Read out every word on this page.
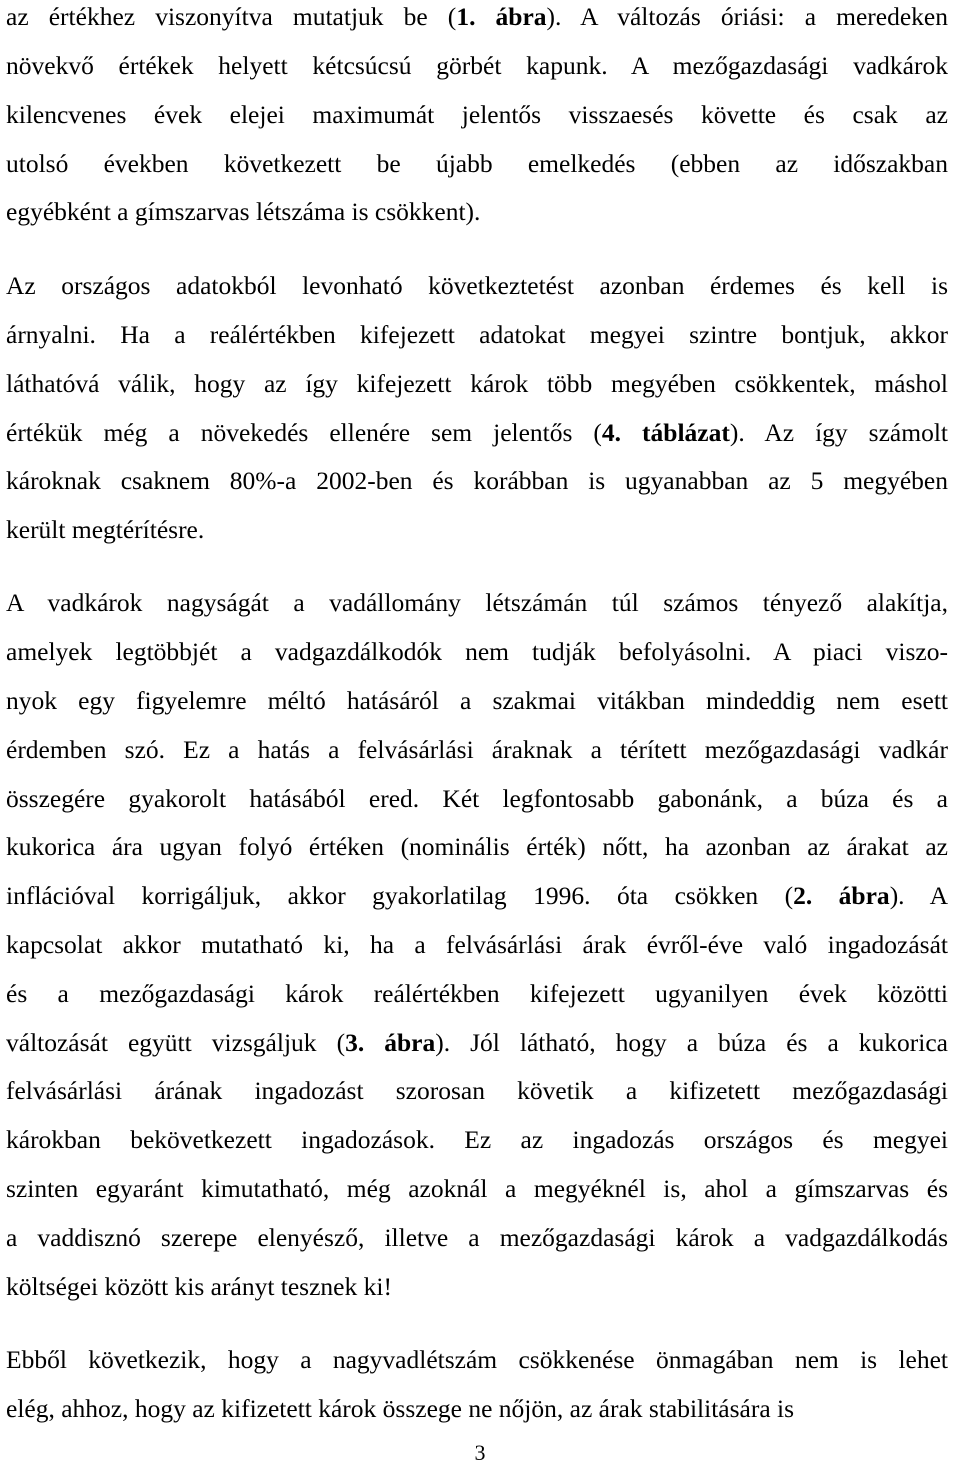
az értékhez viszonyítva mutatjuk be (1. ábra). A változás óriási: a meredeken
növekvő értékek helyett kétcsúcsú görbét kapunk. A mezőgazdasági vadkárok
kilencvenes évek elejei maximumát jelentős visszaesés követte és csak az
utolsó években következett be újabb emelkedés (ebben az időszakban
egyébként a gímszarvas létszáma is csökkent).
Az országos adatokból levonható következtetést azonban érdemes és kell is
árnyalni. Ha a reálértékben kifejezett adatokat megyei szintre bontjuk, akkor
láthatóvá válik, hogy az így kifejezett károk több megyében csökkentek, máshol
értékük még a növekedés ellenére sem jelentős (4. táblázat). Az így számolt
károknak csaknem 80%-a 2002-ben és korábban is ugyanabban az 5 megyében
került megtérítésre.
A vadkárok nagyságát a vadállomány létszámán túl számos tényező alakítja,
amelyek legtöbbjét a vadgazdálkodók nem tudják befolyásolni. A piaci viszo-
nyok egy figyelemre méltó hatásáról a szakmai vitákban mindeddig nem esett
érdemben szó. Ez a hatás a felvásárlási áraknak a térített mezőgazdasági vadkár
összegére gyakorolt hatásából ered. Két legfontosabb gabonánk, a búza és a
kukorica ára ugyan folyó értéken (nominális érték) nőtt, ha azonban az árakat az
inflációval korrigáljuk, akkor gyakorlatilag 1996. óta csökken (2. ábra). A
kapcsolat akkor mutatható ki, ha a felvásárlási árak évről-éve való ingadozását
és a mezőgazdasági károk reálértékben kifejezett ugyanilyen évek közötti
változását együtt vizsgáljuk (3. ábra). Jól látható, hogy a búza és a kukorica
felvásárlási árának ingadozást szorosan követik a kifizetett mezőgazdasági
károkban bekövetkezett ingadozások. Ez az ingadozás országos és megyei
szinten egyaránt kimutatható, még azoknál a megyéknél is, ahol a gímszarvas és
a vaddisznó szerepe elenyésző, illetve a mezőgazdasági károk a vadgazdálkodás
költségei között kis arányt tesznek ki!
Ebből következik, hogy a nagyvadlétszám csökkenése önmagában nem is lehet
elég, ahhoz, hogy az kifizetett károk összege ne nőjön, az árak stabilitására is
3
